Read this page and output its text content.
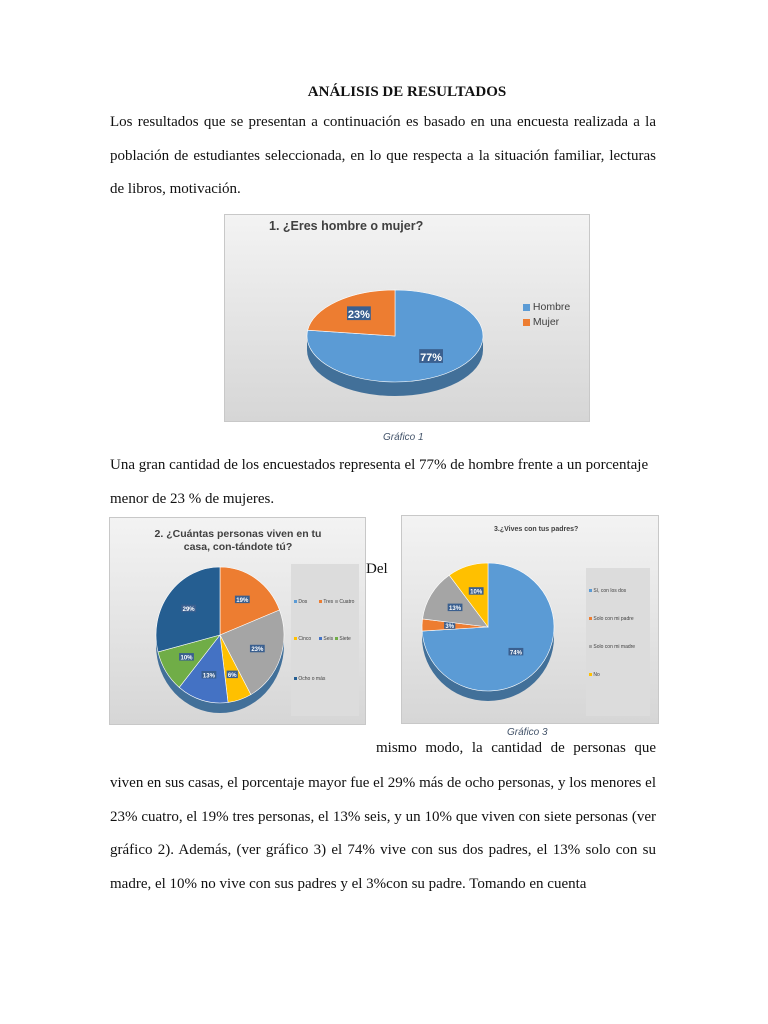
ANÁLISIS DE RESULTADOS

Los resultados que se presentan a continuación es basado en una encuesta realizada a la población de estudiantes seleccionada, en lo que respecta a la situación familiar, lecturas de libros, motivación.

1. ¿Eres hombre o mujer?
77%
23%
Hombre
Mujer
Gráfico 1

Una gran cantidad de los encuestados representa el 77% de hombre frente a un porcentaje menor de 23 % de mujeres.

2. ¿Cuántas personas viven en tu casa, con-tándote tú?
19%
23%
6%
13%
10%
29%
Dos	Tres	Cuatro
Cinco	Seis	Siete
Ocho o más
Del
3.¿Vives con tus padres?
74%
3%
13%
10%	Sí, con los dos
Solo con mi padre
Solo con mi madre
No
Gráfico 3
mismo modo, la cantidad de personas que

viven en sus casas, el porcentaje mayor fue el 29% más de ocho personas, y los menores el 23% cuatro, el 19% tres personas, el 13% seis, y un 10% que viven con siete personas (ver gráfico 2). Además, (ver gráfico 3) el 74% vive con sus dos padres, el 13% solo con su madre, el 10% no vive con sus padres y el 3%con su padre. Tomando en cuenta
